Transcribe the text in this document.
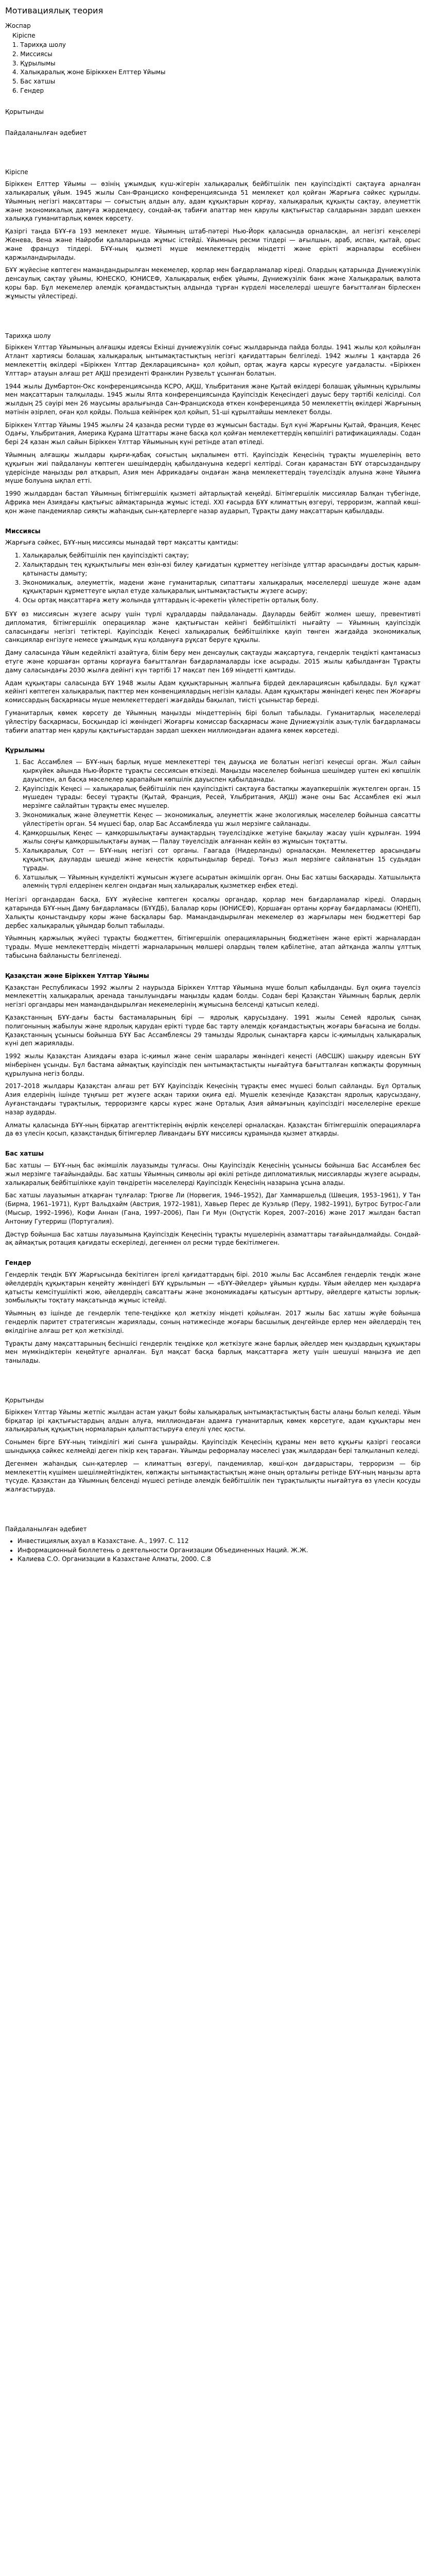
Мотивациялық теория
Жоспар
Кіріспе
1. Тарихқа шолу
2. Миссиясы
3. Құрылымы
4. Халықаралық жоне Бірікккен Елттер Ұйымы
5. Бас хатшы
6. Гендер
Қорытынды
Пайдаланылған әдебиет
Кіріспе

Біріккен Елттер Ұйымы — өзінің ұжымдық күш-жігерін халықаралық бейбітшілік пен қауіпсіздікті сақтауға арналған халықаралық ұйым. 1945 жылы Сан-Франциско конференциясында 51 мемлекет қол қойған Жарғыға сәйкес құрылды. Ұйымның негізгі мақсаттары — соғыстың алдын алу, адам құқықтарын қорғау, халықаралық құқықты сақтау, әлеуметтік және экономикалық дамуға жәрдемдесу, сондай-ақ табиғи апаттар мен қарулы қақтығыстар салдарынан зардап шеккен халыққа гуманитарлық көмек көрсету.

Қазіргі таңда БҰҰ-ға 193 мемлекет мүше. Ұйымның штаб-пәтері Нью-Йорк қаласында орналасқан, ал негізгі кеңселері Женева, Вена және Найроби қалаларында жұмыс істейді. Ұйымның ресми тілдері — ағылшын, араб, испан, қытай, орыс және француз тілдері. БҰҰ-ның қызметі мүше мемлекеттердің міндетті және ерікті жарналары есебінен қаржыландырылады.

БҰҰ жүйесіне көптеген мамандандырылған мекемелер, қорлар мен бағдарламалар кіреді. Олардың қатарында Дүниежүзілік денсаулық сақтау ұйымы, ЮНЕСКО, ЮНИСЕФ, Халықаралық еңбек ұйымы, Дүниежүзілік банк және Халықаралық валюта қоры бар. Бұл мекемелер әлемдік қоғамдастықтың алдында тұрған күрделі мәселелерді шешуге бағытталған бірлескен жұмысты үйлестіреді.

Тарихқа шолу

Біріккен Ұлттар Ұйымының алғашқы идеясы Екінші дүниежүзілік соғыс жылдарында пайда болды. 1941 жылы қол қойылған Атлант хартиясы болашақ халықаралық ынтымақтастықтың негізгі қағидаттарын белгіледі. 1942 жылғы 1 қаңтарда 26 мемлекеттің өкілдері «Біріккен Ұлттар Декларациясына» қол қойып, ортақ жауға қарсы күресуге уағдаласты. «Біріккен Ұлттар» атауын алғаш рет АҚШ президенті Франклин Рузвельт ұсынған болатын.

1944 жылы Думбартон-Окс конференциясында КСРО, АҚШ, Ұлыбритания және Қытай өкілдері болашақ ұйымның құрылымы мен мақсаттарын талқылады. 1945 жылы Ялта конференциясында Қауіпсіздік Кеңесіндегі дауыс беру тәртібі келісілді. Сол жылдың 25 сәуірі мен 26 маусымы аралығында Сан-Францискода өткен конференцияда 50 мемлекеттің өкілдері Жарғының мәтінін әзірлеп, оған қол қойды. Польша кейінірек қол қойып, 51-ші құрылтайшы мемлекет болды.

Біріккен Ұлттар Ұйымы 1945 жылғы 24 қазанда ресми түрде өз жұмысын бастады. Бұл күні Жарғыны Қытай, Франция, Кеңес Одағы, Ұлыбритания, Америка Құрама Штаттары және басқа қол қойған мемлекеттердің көпшілігі ратификациялады. Содан бері 24 қазан жыл сайын Біріккен Ұлттар Ұйымының күні ретінде атап өтіледі.

Ұйымның алғашқы жылдары қырғи-қабақ соғыстың ықпалымен өтті. Қауіпсіздік Кеңесінің тұрақты мүшелерінің вето құқығын жиі пайдалануы көптеген шешімдердің қабылдануына кедергі келтірді. Соған қарамастан БҰҰ отарсыздандыру үдерісінде маңызды рөл атқарып, Азия мен Африкадағы ондаған жаңа мемлекеттердің тәуелсіздік алуына және Ұйымға мүше болуына ықпал етті.

1990 жылдардан бастап Ұйымның бітімгершілік қызметі айтарлықтай кеңейді. Бітімгершілік миссиялар Балқан түбегінде, Африка мен Азиядағы қақтығыс аймақтарында жұмыс істеді. XXI ғасырда БҰҰ климаттың өзгеруі, терроризм, жаппай көші-қон және пандемиялар сияқты жаһандық сын-қатерлерге назар аударып, Тұрақты даму мақсаттарын қабылдады.

Миссиясы

Жарғыға сәйкес, БҰҰ-ның миссиясы мынадай төрт мақсатты қамтиды:

1. Халықаралық бейбітшілік пен қауіпсіздікті сақтау;
2. Халықтардың тең құқықтылығы мен өзін-өзі билеу қағидатын құрметтеу негізінде ұлттар арасындағы достық қарым-қатынасты дамыту;
3. Экономикалық, әлеуметтік, мәдени және гуманитарлық сипаттағы халықаралық мәселелерді шешуде және адам құқықтарын құрметтеуге ықпал етуде халықаралық ынтымақтастықты жүзеге асыру;
4. Осы ортақ мақсаттарға жету жолында ұлттардың іс-әрекетін үйлестіретін орталық болу.

БҰҰ өз миссиясын жүзеге асыру үшін түрлі құралдарды пайдаланады. Дауларды бейбіт жолмен шешу, превентивті дипломатия, бітімгершілік операциялар және қақтығыстан кейінгі бейбітшілікті нығайту — Ұйымның қауіпсіздік саласындағы негізгі тетіктері. Қауіпсіздік Кеңесі халықаралық бейбітшілікке қауіп төнген жағдайда экономикалық санкциялар енгізуге немесе ұжымдық күш қолдануға рұқсат беруге құқылы.

Даму саласында Ұйым кедейлікті азайтуға, білім беру мен денсаулық сақтауды жақсартуға, гендерлік теңдікті қамтамасыз етуге және қоршаған ортаны қорғауға бағытталған бағдарламаларды іске асырады. 2015 жылы қабылданған Тұрақты даму саласындағы 2030 жылға дейінгі күн тәртібі 17 мақсат пен 169 міндетті қамтиды.

Адам құқықтары саласында БҰҰ 1948 жылы Адам құқықтарының жалпыға бірдей декларациясын қабылдады. Бұл құжат кейінгі көптеген халықаралық пакттер мен конвенциялардың негізін қалады. Адам құқықтары жөніндегі кеңес пен Жоғарғы комиссардың басқармасы мүше мемлекеттердегі жағдайды бақылап, тиісті ұсыныстар береді.

Гуманитарлық көмек көрсету де Ұйымның маңызды міндеттерінің бірі болып табылады. Гуманитарлық мәселелерді үйлестіру басқармасы, Босқындар ісі жөніндегі Жоғарғы комиссар басқармасы және Дүниежүзілік азық-түлік бағдарламасы табиғи апаттар мен қарулы қақтығыстардан зардап шеккен миллиондаған адамға көмек көрсетеді.

Құрылымы
1. Бас Ассамблея — БҰҰ-ның барлық мүше мемлекеттері тең дауысқа ие болатын негізгі кеңесші орган. Жыл сайын қыркүйек айында Нью-Йоркте тұрақты сессиясын өткізеді. Маңызды мәселелер бойынша шешімдер үштен екі көпшілік дауыспен, ал басқа мәселелер қарапайым көпшілік дауыспен қабылданады.
2. Қауіпсіздік Кеңесі — халықаралық бейбітшілік пен қауіпсіздікті сақтауға бастапқы жауапкершілік жүктелген орган. 15 мүшеден тұрады: бесеуі тұрақты (Қытай, Франция, Ресей, Ұлыбритания, АҚШ) және оны Бас Ассамблея екі жыл мерзімге сайлайтын тұрақты емес мүшелер.
3. Экономикалық және Әлеуметтік Кеңес — экономикалық, әлеуметтік және экологиялық мәселелер бойынша саясатты үйлестіретін орган. 54 мүшесі бар, олар Бас Ассамблеяда үш жыл мерзімге сайланады.
4. Қамқоршылық Кеңес — қамқоршылықтағы аумақтардың тәуелсіздікке жетуіне бақылау жасау үшін құрылған. 1994 жылы соңғы қамқоршылықтағы аумақ — Палау тәуелсіздік алғаннан кейін өз жұмысын тоқтатты.
5. Халықаралық Сот — БҰҰ-ның негізгі сот органы. Гаагада (Нидерланды) орналасқан. Мемлекеттер арасындағы құқықтық дауларды шешеді және кеңестік қорытындылар береді. Тоғыз жыл мерзімге сайланатын 15 судьядан тұрады.
6. Хатшылық — Ұйымның күнделікті жұмысын жүзеге асыратын әкімшілік орган. Оны Бас хатшы басқарады. Хатшылықта әлемнің түрлі елдерінен келген ондаған мың халықаралық қызметкер еңбек етеді.

Негізгі органдардан басқа, БҰҰ жүйесіне көптеген қосалқы органдар, қорлар мен бағдарламалар кіреді. Олардың қатарында БҰҰ-ның Даму бағдарламасы (БҰҰДБ), Балалар қоры (ЮНИСЕФ), Қоршаған ортаны қорғау бағдарламасы (ЮНЕП), Халықты қоныстандыру қоры және басқалары бар. Мамандандырылған мекемелер өз жарғылары мен бюджеттері бар дербес халықаралық ұйымдар болып табылады.

Ұйымның қаржылық жүйесі тұрақты бюджеттен, бітімгершілік операцияларының бюджетінен және ерікті жарналардан тұрады. Мүше мемлекеттердің міндетті жарналарының мөлшері олардың төлем қабілетіне, атап айтқанда жалпы ұлттық табысына байланысты белгіленеді.

Қазақстан және Біріккен Ұлттар Ұйымы

Қазақстан Республикасы 1992 жылғы 2 наурызда Біріккен Ұлттар Ұйымына мүше болып қабылданды. Бұл оқиға тәуелсіз мемлекеттің халықаралық аренада танылуындағы маңызды қадам болды. Содан бері Қазақстан Ұйымның барлық дерлік негізгі органдары мен мамандандырылған мекемелерінің жұмысына белсенді қатысып келеді.

Қазақстанның БҰҰ-дағы басты бастамаларының бірі — ядролық қарусыздану. 1991 жылы Семей ядролық сынақ полигонының жабылуы және ядролық қарудан ерікті түрде бас тарту әлемдік қоғамдастықтың жоғары бағасына ие болды. Қазақстанның ұсынысы бойынша БҰҰ Бас Ассамблеясы 29 тамызды Ядролық сынақтарға қарсы іс-қимылдың халықаралық күні деп жариялады.

1992 жылы Қазақстан Азиядағы өзара іс-қимыл және сенім шаралары жөніндегі кеңесті (АӨСШК) шақыру идеясын БҰҰ мінберінен ұсынды. Бұл бастама аймақтық қауіпсіздік пен ынтымақтастықты нығайтуға бағытталған көпжақты форумның құрылуына негіз болды.

2017–2018 жылдары Қазақстан алғаш рет БҰҰ Қауіпсіздік Кеңесінің тұрақты емес мүшесі болып сайланды. Бұл Орталық Азия елдерінің ішінде тұңғыш рет жүзеге асқан тарихи оқиға еді. Мүшелік кезеңінде Қазақстан ядролық қарусыздану, Ауғанстандағы тұрақтылық, терроризмге қарсы күрес және Орталық Азия аймағының қауіпсіздігі мәселелеріне ерекше назар аударды.

Алматы қаласында БҰҰ-ның бірқатар агенттіктерінің өңірлік кеңселері орналасқан. Қазақстан бітімгершілік операцияларға да өз үлесін қосып, қазақстандық бітімгерлер Ливандағы БҰҰ миссиясы құрамында қызмет атқарды.

Бас хатшы

Бас хатшы — БҰҰ-ның бас әкімшілік лауазымды тұлғасы. Оны Қауіпсіздік Кеңесінің ұсынысы бойынша Бас Ассамблея бес жыл мерзімге тағайындайды. Бас хатшы Ұйымның символы әрі өкілі ретінде дипломатиялық миссияларды жүзеге асырады, халықаралық бейбітшілікке қауіп төндіретін мәселелерді Қауіпсіздік Кеңесінің назарына ұсына алады.

Бас хатшы лауазымын атқарған тұлғалар: Трюгве Ли (Норвегия, 1946–1952), Даг Хаммаршельд (Швеция, 1953–1961), У Тан (Бирма, 1961–1971), Курт Вальдхайм (Австрия, 1972–1981), Хавьер Перес де Куэльяр (Перу, 1982–1991), Бутрос Бутрос-Гали (Мысыр, 1992–1996), Кофи Аннан (Гана, 1997–2006), Пан Ги Мун (Оңтүстік Корея, 2007–2016) және 2017 жылдан бастап Антониу Гутерриш (Португалия).

Дәстүр бойынша Бас хатшы лауазымына Қауіпсіздік Кеңесінің тұрақты мүшелерінің азаматтары тағайындалмайды. Сондай-ақ аймақтық ротация қағидаты ескеріледі, дегенмен ол ресми түрде бекітілмеген.

Гендер

Гендерлік теңдік БҰҰ Жарғысында бекітілген іргелі қағидаттардың бірі. 2010 жылы Бас Ассамблея гендерлік теңдік және әйелдердің құқықтарын кеңейту жөніндегі БҰҰ құрылымын — «БҰҰ-Әйелдер» ұйымын құрды. Ұйым әйелдер мен қыздарға қатысты кемсітушілікті жою, әйелдердің саясаттағы және экономикадағы қатысуын арттыру, әйелдерге қатысты зорлық-зомбылықты тоқтату мақсатында жұмыс істейді.

Ұйымның өз ішінде де гендерлік тепе-теңдікке қол жеткізу міндеті қойылған. 2017 жылы Бас хатшы жүйе бойынша гендерлік паритет стратегиясын жариялады, соның нәтижесінде жоғары басшылық деңгейінде ерлер мен әйелдердің тең өкілдігіне алғаш рет қол жеткізілді.

Тұрақты даму мақсаттарының бесіншісі гендерлік теңдікке қол жеткізуге және барлық әйелдер мен қыздардың құқықтары мен мүмкіндіктерін кеңейтуге арналған. Бұл мақсат басқа барлық мақсаттарға жету үшін шешуші маңызға ие деп танылады.

Қорытынды

Біріккен Ұлттар Ұйымы жетпіс жылдан астам уақыт бойы халықаралық ынтымақтастықтың басты алаңы болып келеді. Ұйым бірқатар ірі қақтығыстардың алдын алуға, миллиондаған адамға гуманитарлық көмек көрсетуге, адам құқықтары мен халықаралық құқықтың нормаларын қалыптастыруға елеулі үлес қосты.

Сонымен бірге БҰҰ-ның тиімділігі жиі сынға ұшырайды. Қауіпсіздік Кеңесінің құрамы мен вето құқығы қазіргі геосаяси шындыққа сәйкес келмейді деген пікір кең тараған. Ұйымды реформалау мәселесі ұзақ жылдардан бері талқыланып келеді.

Дегенмен жаһандық сын-қатерлер — климаттың өзгеруі, пандемиялар, көші-қон дағдарыстары, терроризм — бір мемлекеттің күшімен шешілмейтіндіктен, көпжақты ынтымақтастықтың және оның орталығы ретінде БҰҰ-ның маңызы арта түсуде. Қазақстан да Ұйымның белсенді мүшесі ретінде әлемдік бейбітшілік пен тұрақтылықты нығайтуға өз үлесін қосуды жалғастыруда.

Пайдаланылған әдебиет
• Инвестициялық ахуал в Казахстане. А., 1997. С. 112
• Информационный бюллетень о деятельности Организации Объединенных Наций. Ж.Ж.
• Калиева С.О. Организации в Казахстане Алматы, 2000. С.8
